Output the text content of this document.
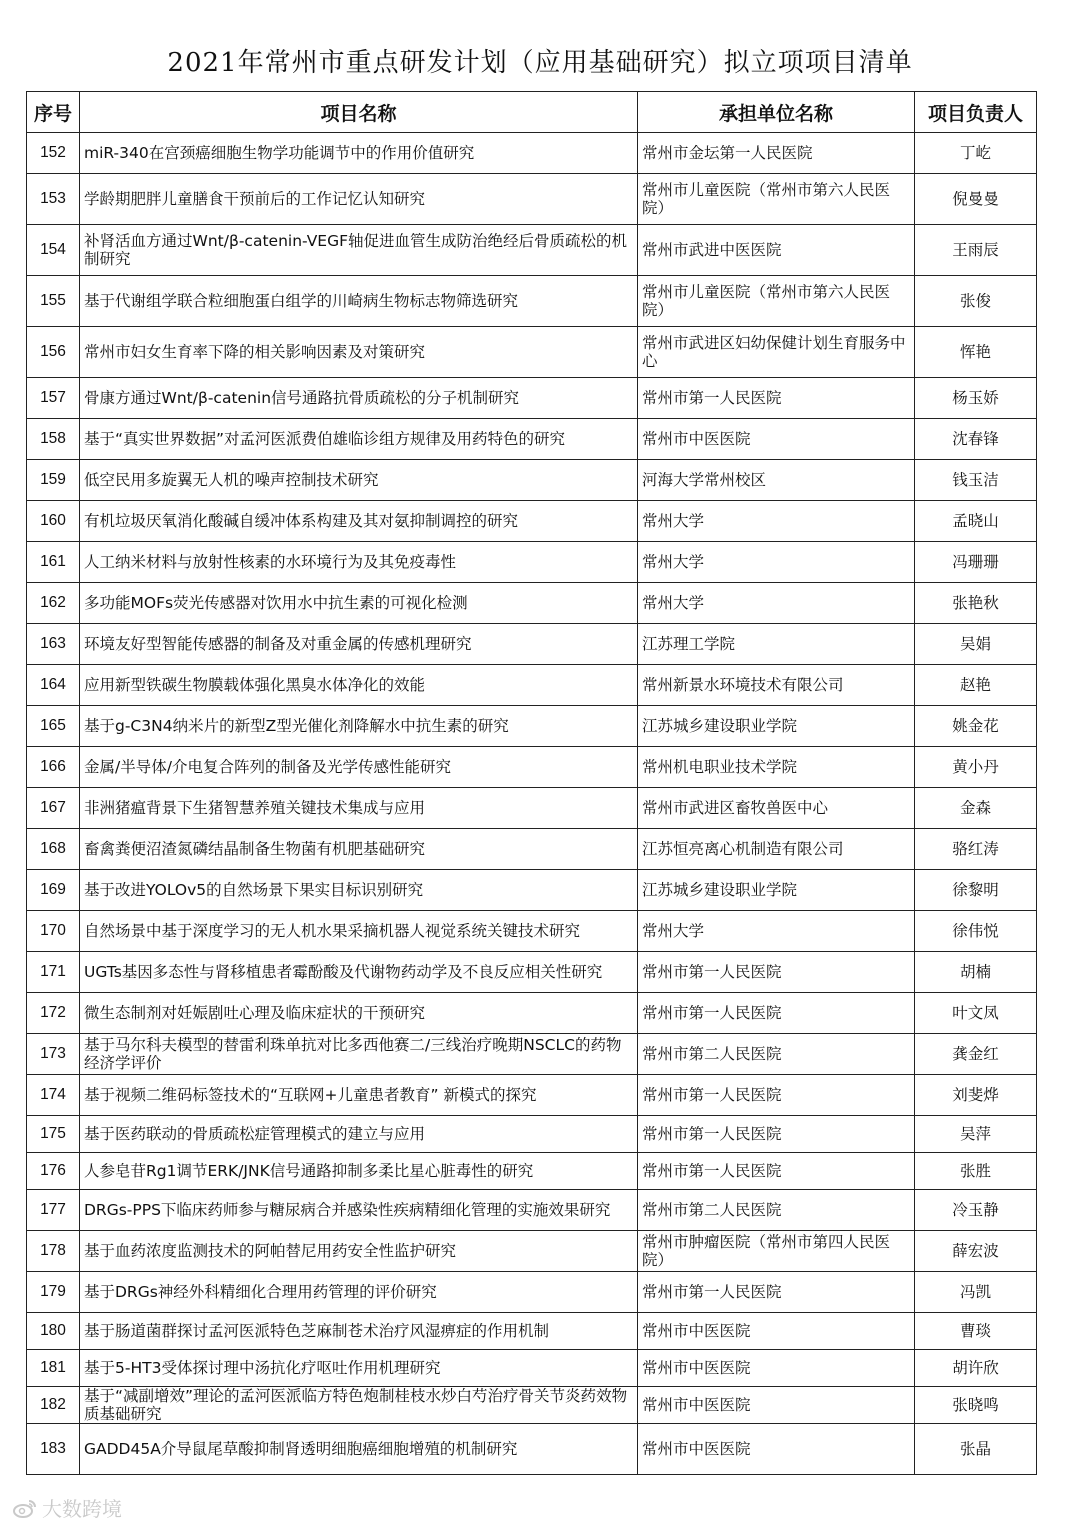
2021年常州市重点研发计划（应用基础研究）拟立项项目清单
序号	项目名称	承担单位名称	项目负责人
152	miR-340在宫颈癌细胞生物学功能调节中的作用价值研究	常州市金坛第一人民医院	丁屹
153	学龄期肥胖儿童膳食干预前后的工作记忆认知研究	常州市儿童医院（常州市第六人民医院）	倪曼曼
154	补肾活血方通过Wnt/β-catenin-VEGF轴促进血管生成防治绝经后骨质疏松的机制研究	常州市武进中医医院	王雨辰
155	基于代谢组学联合粒细胞蛋白组学的川崎病生物标志物筛选研究	常州市儿童医院（常州市第六人民医院）	张俊
156	常州市妇女生育率下降的相关影响因素及对策研究	常州市武进区妇幼保健计划生育服务中心	恽艳
157	骨康方通过Wnt/β-catenin信号通路抗骨质疏松的分子机制研究	常州市第一人民医院	杨玉娇
158	基于“真实世界数据”对孟河医派费伯雄临诊组方规律及用药特色的研究	常州市中医医院	沈春锋
159	低空民用多旋翼无人机的噪声控制技术研究	河海大学常州校区	钱玉洁
160	有机垃圾厌氧消化酸碱自缓冲体系构建及其对氨抑制调控的研究	常州大学	孟晓山
161	人工纳米材料与放射性核素的水环境行为及其免疫毒性	常州大学	冯珊珊
162	多功能MOFs荧光传感器对饮用水中抗生素的可视化检测	常州大学	张艳秋
163	环境友好型智能传感器的制备及对重金属的传感机理研究	江苏理工学院	吴娟
164	应用新型铁碳生物膜载体强化黑臭水体净化的效能	常州新景水环境技术有限公司	赵艳
165	基于g-C3N4纳米片的新型Z型光催化剂降解水中抗生素的研究	江苏城乡建设职业学院	姚金花
166	金属/半导体/介电复合阵列的制备及光学传感性能研究	常州机电职业技术学院	黄小丹
167	非洲猪瘟背景下生猪智慧养殖关键技术集成与应用	常州市武进区畜牧兽医中心	金森
168	畜禽粪便沼渣氮磷结晶制备生物菌有机肥基础研究	江苏恒亮离心机制造有限公司	骆红涛
169	基于改进YOLOv5的自然场景下果实目标识别研究	江苏城乡建设职业学院	徐黎明
170	自然场景中基于深度学习的无人机水果采摘机器人视觉系统关键技术研究	常州大学	徐伟悦
171	UGTs基因多态性与肾移植患者霉酚酸及代谢物药动学及不良反应相关性研究	常州市第一人民医院	胡楠
172	微生态制剂对妊娠剧吐心理及临床症状的干预研究	常州市第一人民医院	叶文凤
173	基于马尔科夫模型的替雷利珠单抗对比多西他赛二/三线治疗晚期NSCLC的药物经济学评价	常州市第二人民医院	龚金红
174	基于视频二维码标签技术的“互联网+儿童患者教育” 新模式的探究	常州市第一人民医院	刘斐烨
175	基于医药联动的骨质疏松症管理模式的建立与应用	常州市第一人民医院	吴萍
176	人参皂苷Rg1调节ERK/JNK信号通路抑制多柔比星心脏毒性的研究	常州市第一人民医院	张胜
177	DRGs-PPS下临床药师参与糖尿病合并感染性疾病精细化管理的实施效果研究	常州市第二人民医院	冷玉静
178	基于血药浓度监测技术的阿帕替尼用药安全性监护研究	常州市肿瘤医院（常州市第四人民医院）	薛宏波
179	基于DRGs神经外科精细化合理用药管理的评价研究	常州市第一人民医院	冯凯
180	基于肠道菌群探讨孟河医派特色芝麻制苍术治疗风湿痹症的作用机制	常州市中医医院	曹琰
181	基于5-HT3受体探讨理中汤抗化疗呕吐作用机理研究	常州市中医医院	胡许欣
182	基于“减副增效”理论的孟河医派临方特色炮制桂枝水炒白芍治疗骨关节炎药效物质基础研究	常州市中医医院	张晓鸣
183	GADD45A介导鼠尾草酸抑制肾透明细胞癌细胞增殖的机制研究	常州市中医医院	张晶
大数跨境
